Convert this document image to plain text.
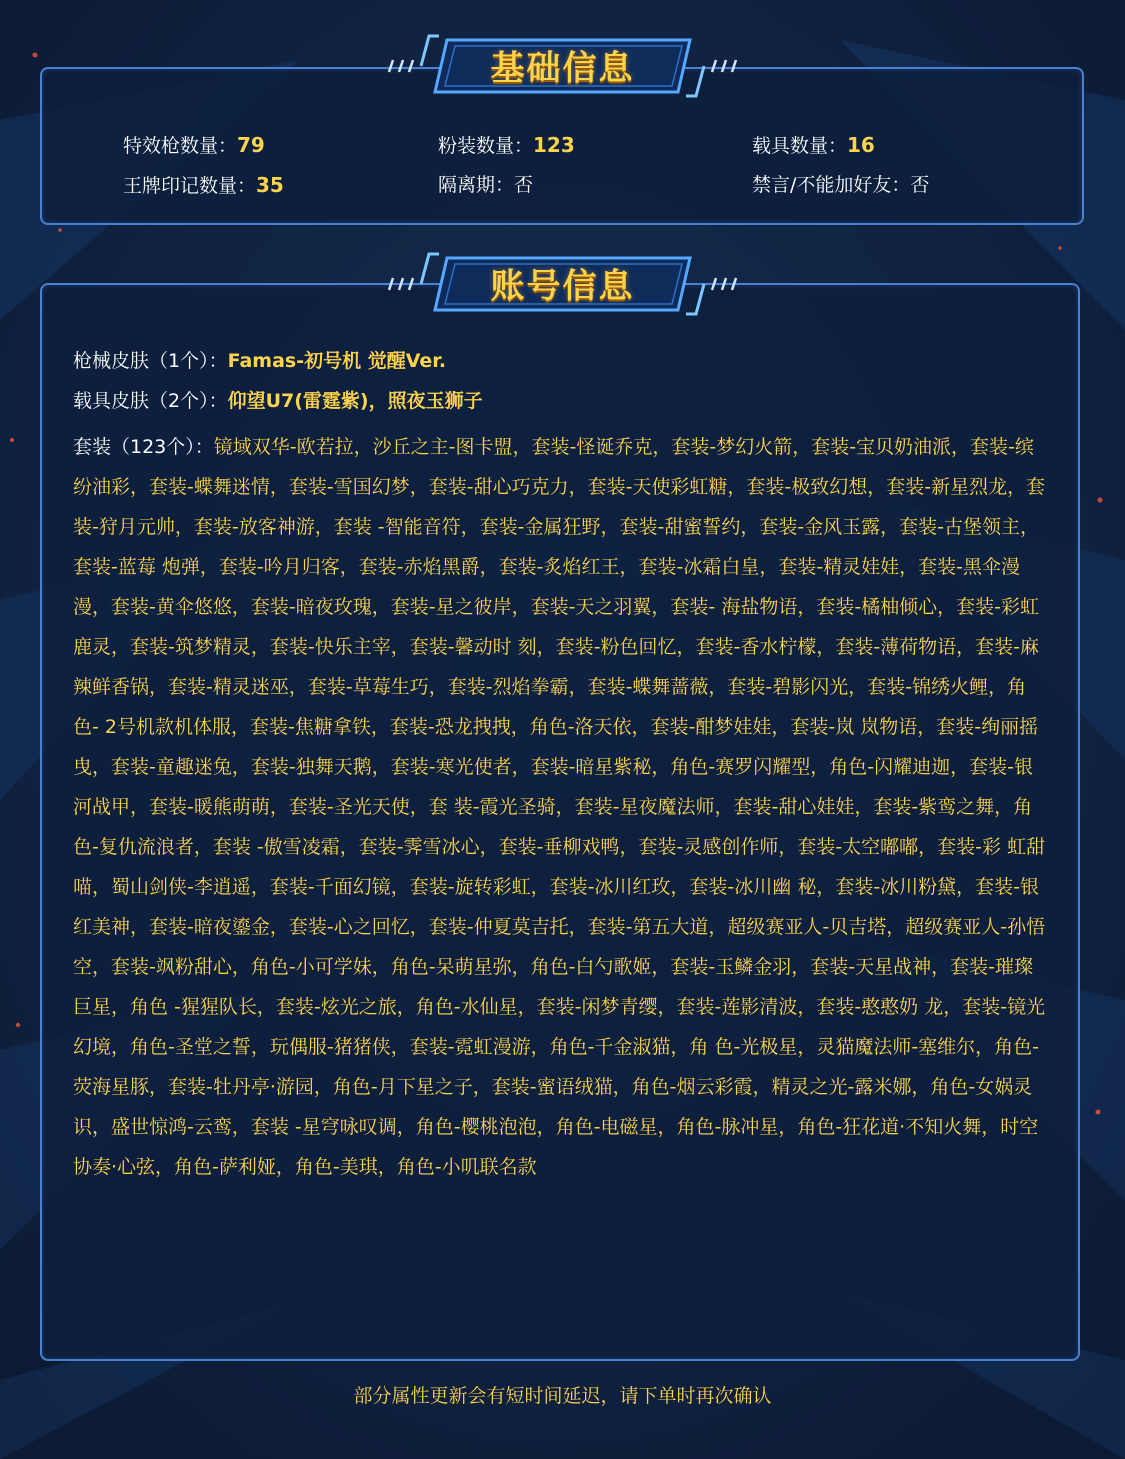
基础信息
特效枪数量：79	粉装数量：123	载具数量：16
王牌印记数量：35	隔离期：否	禁言/不能加好友：否
账号信息
枪械皮肤（1个）：Famas-初号机 觉醒Ver.
载具皮肤（2个）：仰望U7(雷霆紫)，照夜玉狮子
套装（123个）：镜域双华-欧若拉，沙丘之主-图卡盟，套装-怪诞乔克，套装-梦幻火箭，套装-宝贝奶油派，套装-缤纷油彩，套装-蝶舞迷情，套装-雪国幻梦，套装-甜心巧克力，套装-天使彩虹糖，套装-极致幻想，套装-新星烈龙，套装-狩月元帅，套装-放客神游，套装 -智能音符，套装-金属狂野，套装-甜蜜誓约，套装-金风玉露，套装-古堡领主，套装-蓝莓 炮弹，套装-吟月归客，套装-赤焰黑爵，套装-炙焰红王，套装-冰霜白皇，套装-精灵娃娃，套装-黑伞漫漫，套装-黄伞悠悠，套装-暗夜玫瑰，套装-星之彼岸，套装-天之羽翼，套装- 海盐物语，套装-橘柚倾心，套装-彩虹鹿灵，套装-筑梦精灵，套装-快乐主宰，套装-馨动时 刻，套装-粉色回忆，套装-香水柠檬，套装-薄荷物语，套装-麻辣鲜香锅，套装-精灵迷巫，套装-草莓生巧，套装-烈焰拳霸，套装-蝶舞蔷薇，套装-碧影闪光，套装-锦绣火鲤，角色- 2号机款机体服，套装-焦糖拿铁，套装-恐龙拽拽，角色-洛天依，套装-酣梦娃娃，套装-岚 岚物语，套装-绚丽摇曳，套装-童趣迷兔，套装-独舞天鹅，套装-寒光使者，套装-暗星紫秘，角色-赛罗闪耀型，角色-闪耀迪迦，套装-银河战甲，套装-暖熊萌萌，套装-圣光天使，套 装-霞光圣骑，套装-星夜魔法师，套装-甜心娃娃，套装-紫鸾之舞，角色-复仇流浪者，套装 -傲雪凌霜，套装-霁雪冰心，套装-垂柳戏鸭，套装-灵感创作师，套装-太空嘟嘟，套装-彩 虹甜喵，蜀山剑侠-李逍遥，套装-千面幻镜，套装-旋转彩虹，套装-冰川红玫，套装-冰川幽 秘，套装-冰川粉黛，套装-银红美神，套装-暗夜鎏金，套装-心之回忆，套装-仲夏莫吉托，套装-第五大道，超级赛亚人-贝吉塔，超级赛亚人-孙悟空，套装-飒粉甜心，角色-小可学妹，角色-呆萌星弥，角色-白勺歌姬，套装-玉鳞金羽，套装-天星战神，套装-璀璨巨星，角色 -猩猩队长，套装-炫光之旅，角色-水仙星，套装-闲梦青缨，套装-莲影清波，套装-憨憨奶 龙，套装-镜光幻境，角色-圣堂之誓，玩偶服-猪猪侠，套装-霓虹漫游，角色-千金淑猫，角 色-光极星，灵猫魔法师-塞维尔，角色-荧海星豚，套装-牡丹亭·游园，角色-月下星之子，套装-蜜语绒猫，角色-烟云彩霞，精灵之光-露米娜，角色-女娲灵识，盛世惊鸿-云鸾，套装 -星穹咏叹调，角色-樱桃泡泡，角色-电磁星，角色-脉冲星，角色-狂花道·不知火舞，时空 协奏·心弦，角色-萨利娅，角色-美琪，角色-小叽联名款
部分属性更新会有短时间延迟，请下单时再次确认
